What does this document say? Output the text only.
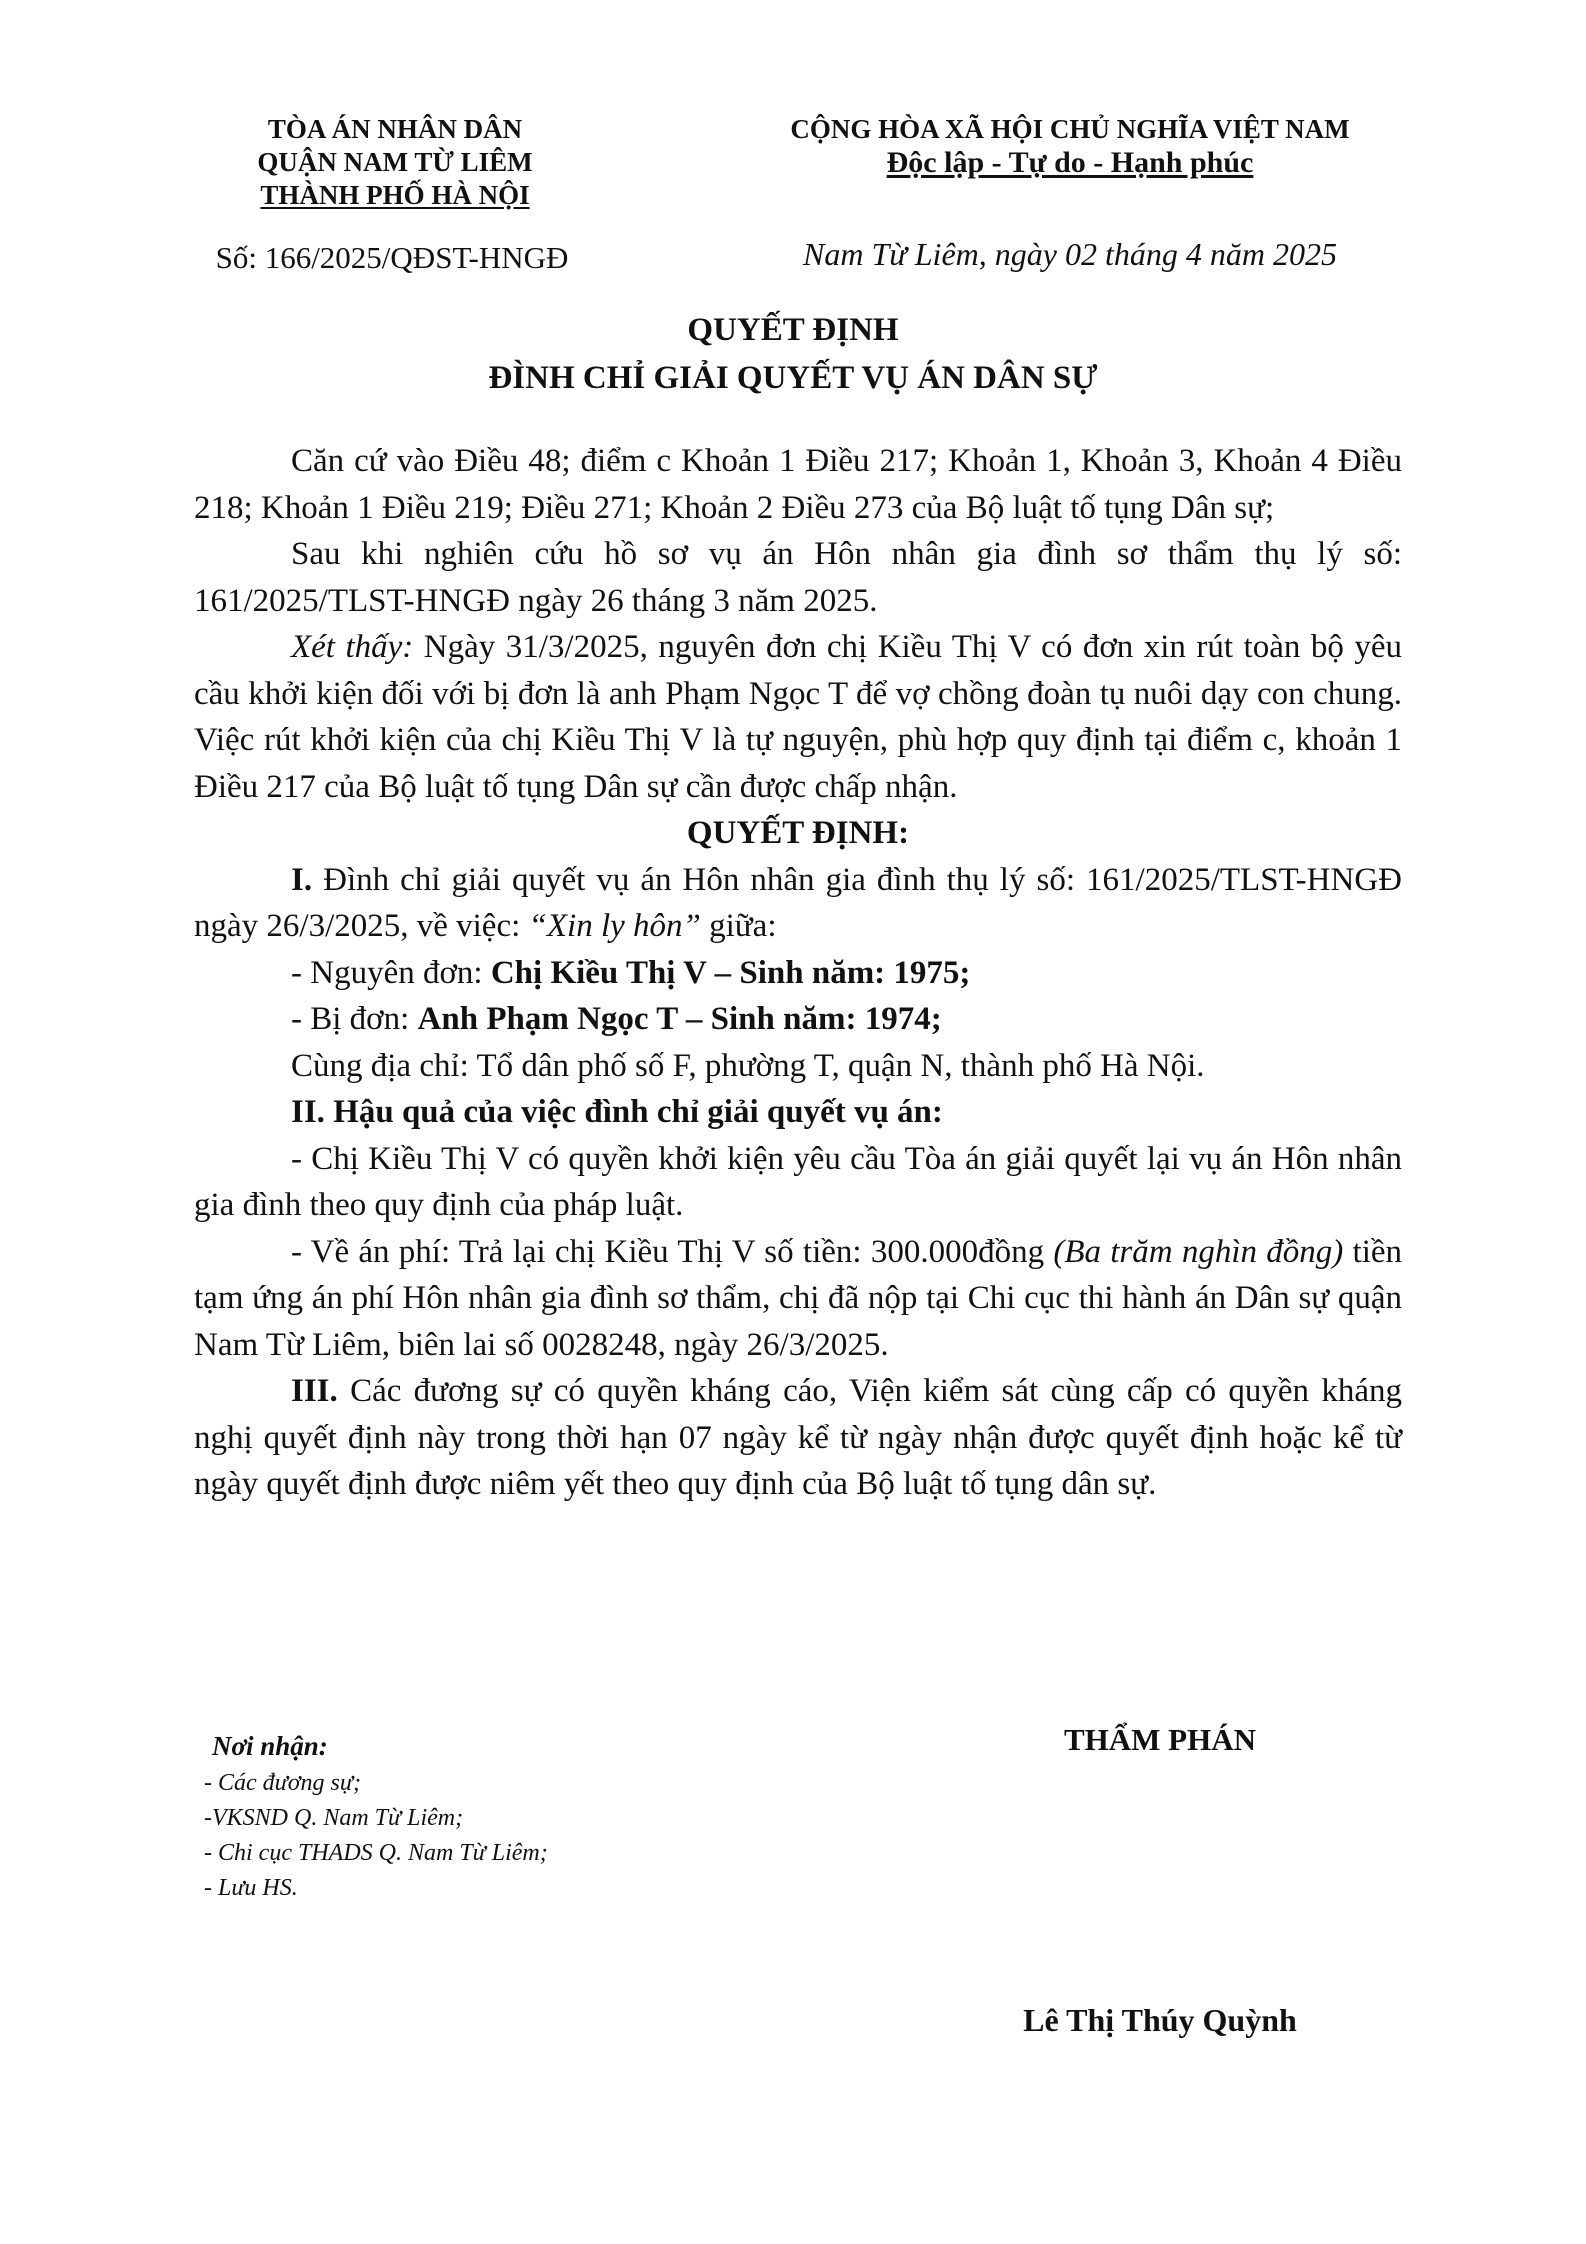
TÒA ÁN NHÂN DÂN
QUẬN NAM TỪ LIÊM
THÀNH PHỐ HÀ NỘI
Số: 166/2025/QĐST-HNGĐ
CỘNG HÒA XÃ HỘI CHỦ NGHĨA VIỆT NAM
Độc lập - Tự do - Hạnh phúc
Nam Từ Liêm, ngày 02 tháng 4 năm 2025
QUYẾT ĐỊNH
ĐÌNH CHỈ GIẢI QUYẾT VỤ ÁN DÂN SỰ

Căn cứ vào Điều 48; điểm c Khoản 1 Điều 217; Khoản 1, Khoản 3, Khoản 4 Điều 218; Khoản 1 Điều 219; Điều 271; Khoản 2 Điều 273 của Bộ luật tố tụng Dân sự;

Sau khi nghiên cứu hồ sơ vụ án Hôn nhân gia đình sơ thẩm thụ lý số: 161/2025/TLST-HNGĐ ngày 26 tháng 3 năm 2025.

Xét thấy: Ngày 31/3/2025, nguyên đơn chị Kiều Thị V có đơn xin rút toàn bộ yêu cầu khởi kiện đối với bị đơn là anh Phạm Ngọc T để vợ chồng đoàn tụ nuôi dạy con chung. Việc rút khởi kiện của chị Kiều Thị V là tự nguyện, phù hợp quy định tại điểm c, khoản 1 Điều 217 của Bộ luật tố tụng Dân sự cần được chấp nhận.

QUYẾT ĐỊNH:

I. Đình chỉ giải quyết vụ án Hôn nhân gia đình thụ lý số: 161/2025/TLST-HNGĐ ngày 26/3/2025, về việc: “Xin ly hôn” giữa:

- Nguyên đơn: Chị Kiều Thị V – Sinh năm: 1975;

- Bị đơn: Anh Phạm Ngọc T – Sinh năm: 1974;

Cùng địa chỉ: Tổ dân phố số F, phường T, quận N, thành phố Hà Nội.

II. Hậu quả của việc đình chỉ giải quyết vụ án:

- Chị Kiều Thị V có quyền khởi kiện yêu cầu Tòa án giải quyết lại vụ án Hôn nhân gia đình theo quy định của pháp luật.

- Về án phí: Trả lại chị Kiều Thị V số tiền: 300.000đồng (Ba trăm nghìn đồng) tiền tạm ứng án phí Hôn nhân gia đình sơ thẩm, chị đã nộp tại Chi cục thi hành án Dân sự quận Nam Từ Liêm, biên lai số 0028248, ngày 26/3/2025.

III. Các đương sự có quyền kháng cáo, Viện kiểm sát cùng cấp có quyền kháng nghị quyết định này trong thời hạn 07 ngày kể từ ngày nhận được quyết định hoặc kể từ ngày quyết định được niêm yết theo quy định của Bộ luật tố tụng dân sự.

Nơi nhận:
- Các đương sự;
-VKSND Q. Nam Từ Liêm;
- Chi cục THADS Q. Nam Từ Liêm;
- Lưu HS.
THẨM PHÁN
Lê Thị Thúy Quỳnh
